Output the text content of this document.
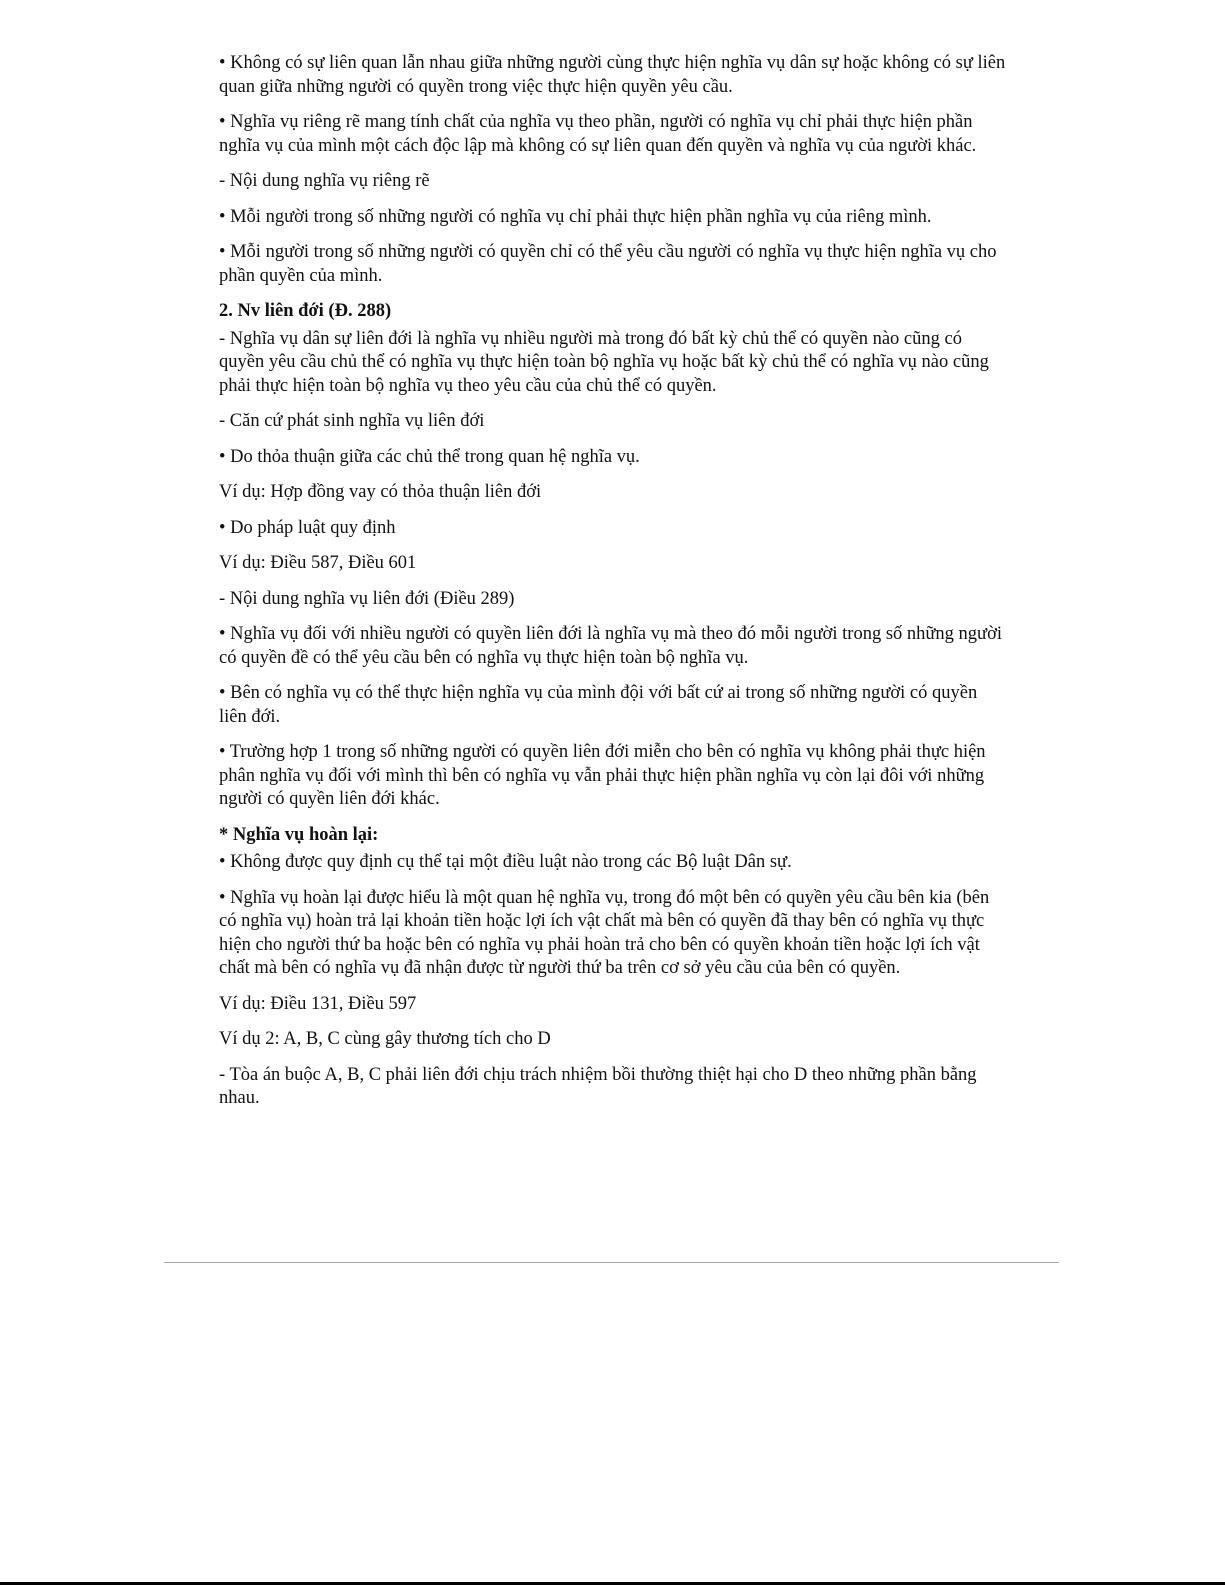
• Không có sự liên quan lẫn nhau giữa những người cùng thực hiện nghĩa vụ dân sự hoặc không có sự liên quan giữa những người có quyền trong việc thực hiện quyền yêu cầu.

• Nghĩa vụ riêng rẽ mang tính chất của nghĩa vụ theo phần, người có nghĩa vụ chỉ phải thực hiện phần nghĩa vụ của mình một cách độc lập mà không có sự liên quan đến quyền và nghĩa vụ của người khác.

- Nội dung nghĩa vụ riêng rẽ

• Mỗi người trong số những người có nghĩa vụ chỉ phải thực hiện phần nghĩa vụ của riêng mình.

• Mỗi người trong số những người có quyền chỉ có thể yêu cầu người có nghĩa vụ thực hiện nghĩa vụ cho phần quyền của mình.

2. Nv liên đới (Đ. 288)

- Nghĩa vụ dân sự liên đới là nghĩa vụ nhiều người mà trong đó bất kỳ chủ thể có quyền nào cũng có quyền yêu cầu chủ thể có nghĩa vụ thực hiện toàn bộ nghĩa vụ hoặc bất kỳ chủ thể có nghĩa vụ nào cũng phải thực hiện toàn bộ nghĩa vụ theo yêu cầu của chủ thể có quyền.

- Căn cứ phát sinh nghĩa vụ liên đới

• Do thỏa thuận giữa các chủ thể trong quan hệ nghĩa vụ.

Ví dụ: Hợp đồng vay có thỏa thuận liên đới

• Do pháp luật quy định

Ví dụ: Điều 587, Điều 601

- Nội dung nghĩa vụ liên đới (Điều 289)

• Nghĩa vụ đối với nhiều người có quyền liên đới là nghĩa vụ mà theo đó mỗi người trong số những người có quyền đề có thể yêu cầu bên có nghĩa vụ thực hiện toàn bộ nghĩa vụ.

• Bên có nghĩa vụ có thể thực hiện nghĩa vụ của mình đội với bất cứ ai trong số những người có quyền liên đới.

• Trường hợp 1 trong số những người có quyền liên đới miễn cho bên có nghĩa vụ không phải thực hiện phân nghĩa vụ đối với mình thì bên có nghĩa vụ vẫn phải thực hiện phần nghĩa vụ còn lại đôi với những người có quyền liên đới khác.

* Nghĩa vụ hoàn lại:

• Không được quy định cụ thể tại một điều luật nào trong các Bộ luật Dân sự.

• Nghĩa vụ hoàn lại được hiểu là một quan hệ nghĩa vụ, trong đó một bên có quyền yêu cầu bên kia (bên có nghĩa vụ) hoàn trả lại khoản tiền hoặc lợi ích vật chất mà bên có quyền đã thay bên có nghĩa vụ thực hiện cho người thứ ba hoặc bên có nghĩa vụ phải hoàn trả cho bên có quyền khoản tiền hoặc lợi ích vật chất mà bên có nghĩa vụ đã nhận được từ người thứ ba trên cơ sở yêu cầu của bên có quyền.

Ví dụ: Điều 131, Điều 597

Ví dụ 2: A, B, C cùng gây thương tích cho D

- Tòa án buộc A, B, C phải liên đới chịu trách nhiệm bồi thường thiệt hại cho D theo những phần bằng nhau.
